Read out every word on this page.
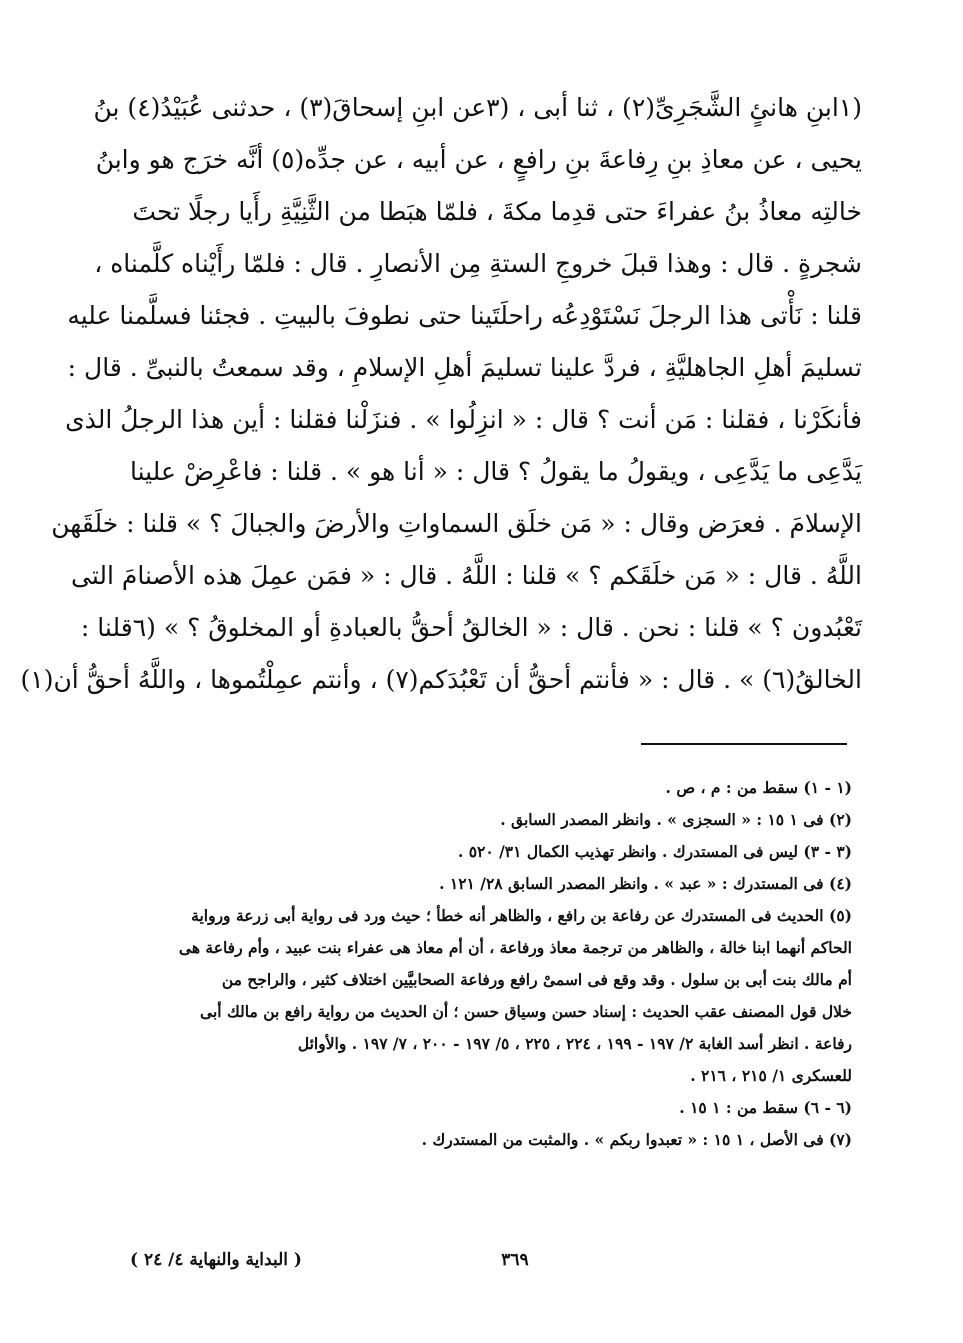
(١ابنِ هانئٍ الشَّجَرِىِّ(٢) ، ثنا أبى ، (٣عن ابنِ إسحاقَ(٣) ، حدثنى عُبَيْدُ(٤) بنُ
يحيى ، عن معاذِ بنِ رِفاعةَ بنِ رافعٍ ، عن أبيه ، عن جدِّه(٥) أنَّه خرَج هو وابنُ
خالتِه معاذُ بنُ عفراءَ حتى قدِما مكةَ ، فلمّا هبَطا من الثَّنِيَّةِ رأَيا رجلًا تحتَ
شجرةٍ . قال : وهذا قبلَ خروجِ الستةِ مِن الأنصارِ . قال : فلمّا رأَيْناه كلَّمناه ،
قلنا : نَأْتى هذا الرجلَ نَسْتَوْدِعُه راحلَتَينا حتى نطوفَ بالبيتِ . فجئنا فسلَّمنا عليه
تسليمَ أهلِ الجاهليَّةِ ، فردَّ علينا تسليمَ أهلِ الإسلامِ ، وقد سمعتُ بالنبىِّ . قال :
فأنكَرْنا ، فقلنا : مَن أنت ؟ قال : « انزِلُوا » . فنزَلْنا فقلنا : أين هذا الرجلُ الذى
يَدَّعِى ما يَدَّعِى ، ويقولُ ما يقولُ ؟ قال : « أنا هو » . قلنا : فاعْرِضْ علينا
الإسلامَ . فعرَض وقال : « مَن خلَق السماواتِ والأرضَ والجبالَ ؟ » قلنا : خلَقَهن
اللَّهُ . قال : « مَن خلَقَكم ؟ » قلنا : اللَّهُ . قال : « فمَن عمِلَ هذه الأصنامَ التى
تَعْبُدون ؟ » قلنا : نحن . قال : « الخالقُ أحقُّ بالعبادةِ أو المخلوقُ ؟ » (٦قلنا :
الخالقُ(٦) » . قال : « فأنتم أحقُّ أن تَعْبُدَكم(٧) ، وأنتم عمِلْتُموها ، واللَّهُ أحقُّ أن(١)
(١ - ١) سقط من : م ، ص .
(٢) فى ١ ١٥ : « السجزى » . وانظر المصدر السابق .
(٣ - ٣) ليس فى المستدرك . وانظر تهذيب الكمال ٣١/ ٥٢٠ .
(٤) فى المستدرك : « عبد » . وانظر المصدر السابق ٢٨/ ١٢١ .
(٥) الحديث فى المستدرك عن رفاعة بن رافع ، والظاهر أنه خطأ ؛ حيث ورد فى رواية أبى زرعة ورواية
الحاكم أنهما ابنا خالة ، والظاهر من ترجمة معاذ ورفاعة ، أن أم معاذ هى عفراء بنت عبيد ، وأم رفاعة هى
أم مالك بنت أبى بن سلول . وقد وقع فى اسمىْ رافع ورفاعة الصحابيَّين اختلاف كثير ، والراجح من
خلال قول المصنف عقب الحديث : إسناد حسن وسياق حسن ؛ أن الحديث من رواية رافع بن مالك أبى
رفاعة . انظر أسد الغابة ٢/ ١٩٧ - ١٩٩ ، ٢٢٤ ، ٢٢٥ ، ٥/ ١٩٧ - ٢٠٠ ، ٧/ ١٩٧ . والأوائل
للعسكرى ١/ ٢١٥ ، ٢١٦ .
(٦ - ٦) سقط من : ١ ١٥ .
(٧) فى الأصل ، ١ ١٥ : « تعبدوا ربكم » . والمثبت من المستدرك .
( البداية والنهاية ٤/ ٢٤ )	٣٦٩
